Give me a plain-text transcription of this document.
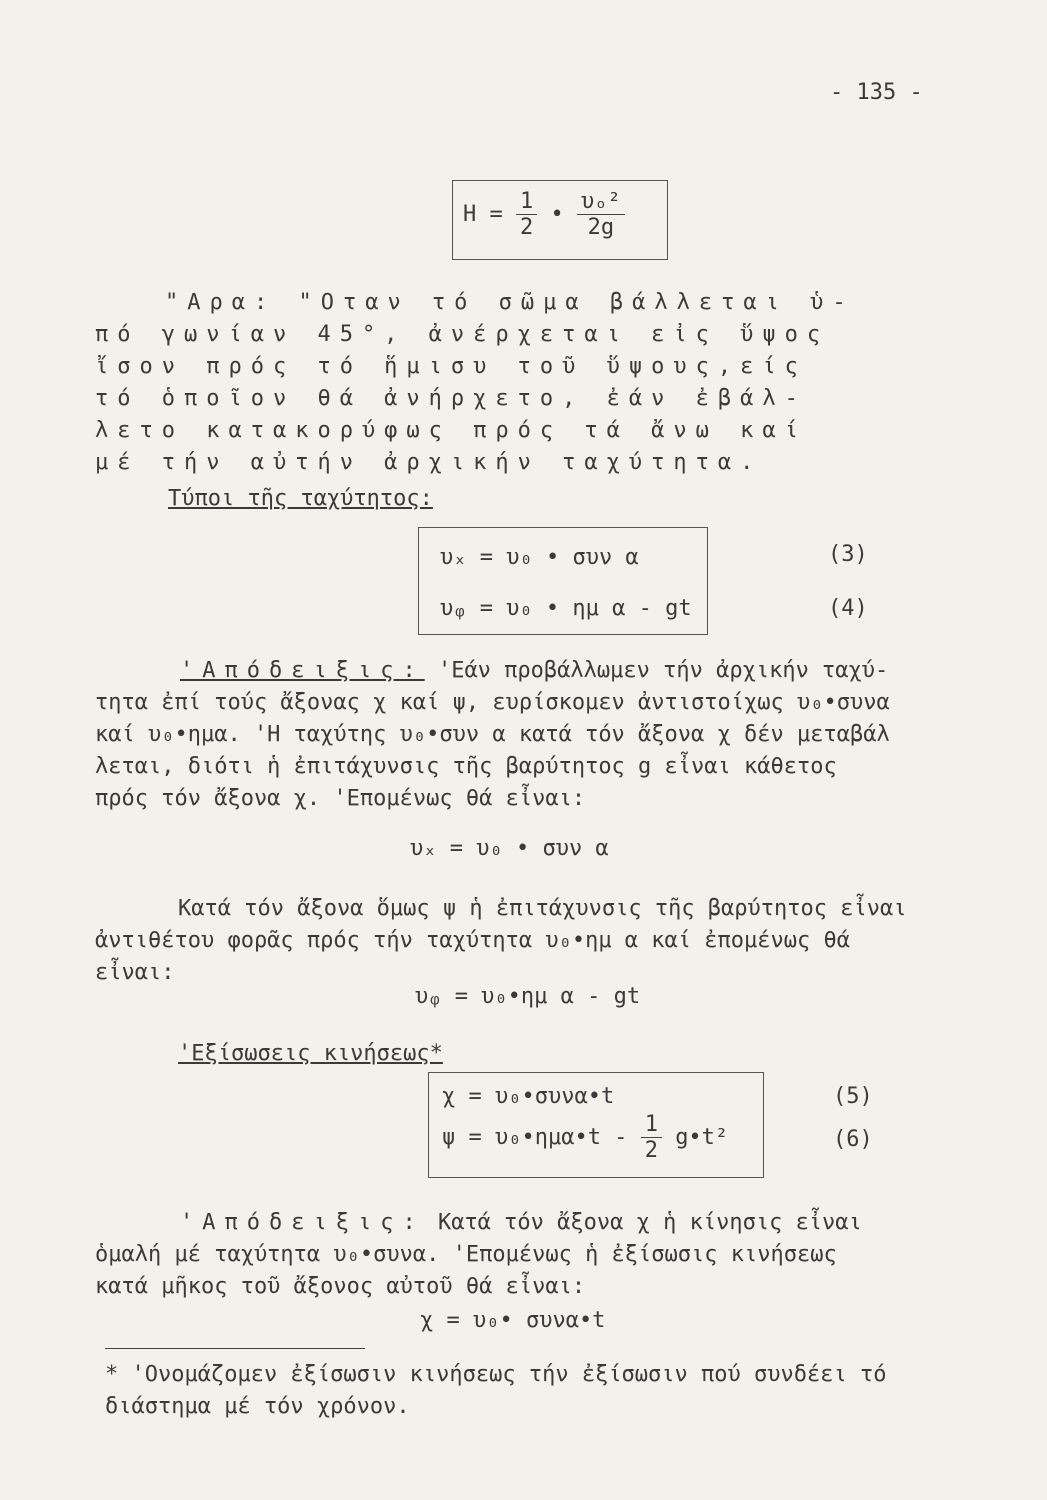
- 135 -
$H = \frac{1}{2}$ • $\frac{\text{υₒ²}}{2g}$
"Αρα: "Οταν τό σῶμα βάλλεται ὑ-
πό γωνίαν 45°, ἀνέρχεται εἰς ὕψος
ἴσον πρός τό ἥμισυ τοῦ ὕψους,είς
τό ὁποῖον θά ἀνήρχετο, ἐάν ἐβάλ-
λετο κατακορύφως πρός τά ἄνω καί
μέ τήν αὐτήν ἀρχικήν ταχύτητα.
Τύποι τῆς ταχύτητος:
υₓ = υ₀ • συν α
υᵩ = υ₀ • ημ α - gt
(3)
(4)
'Απόδειξις: 'Εάν προβάλλωμεν τήν ἀρχικήν ταχύ-
τητα ἐπί τούς ἄξονας χ καί ψ, ευρίσκομεν ἀντιστοίχως υ₀•συνα
καί υ₀•ημα. 'Η ταχύτης υ₀•συν α κατά τόν ἄξονα χ δέν μεταβάλ
λεται, διότι ἡ ἐπιτάχυνσις τῆς βαρύτητος g εἶναι κάθετος
πρός τόν ἄξονα χ. 'Επομένως θά εἶναι:
υₓ = υ₀ • συν α
Κατά τόν ἄξονα ὅμως ψ ἡ ἐπιτάχυνσις τῆς βαρύτητος εἶναι
ἀντιθέτου φορᾶς πρός τήν ταχύτητα υ₀•ημ α καί ἐπομένως θά
εἶναι:
υᵩ = υ₀•ημ α - gt
'Εξίσωσεις κινήσεως*
χ = υ₀•συνα•t
ψ = υ₀•ημα•t - $\frac{1}{2}$ g•t²
(5)
(6)
'Απόδειξις: Κατά τόν ἄξονα χ ἡ κίνησις εἶναι
ὁμαλή μέ ταχύτητα υ₀•συνα. 'Επομένως ἡ ἐξίσωσις κινήσεως
κατά μῆκος τοῦ ἄξονος αὐτοῦ θά εἶναι:
χ = υ₀• συνα•t
* 'Ονομάζομεν ἐξίσωσιν κινήσεως τήν ἐξίσωσιν πού συνδέει τό
διάστημα μέ τόν χρόνον.
